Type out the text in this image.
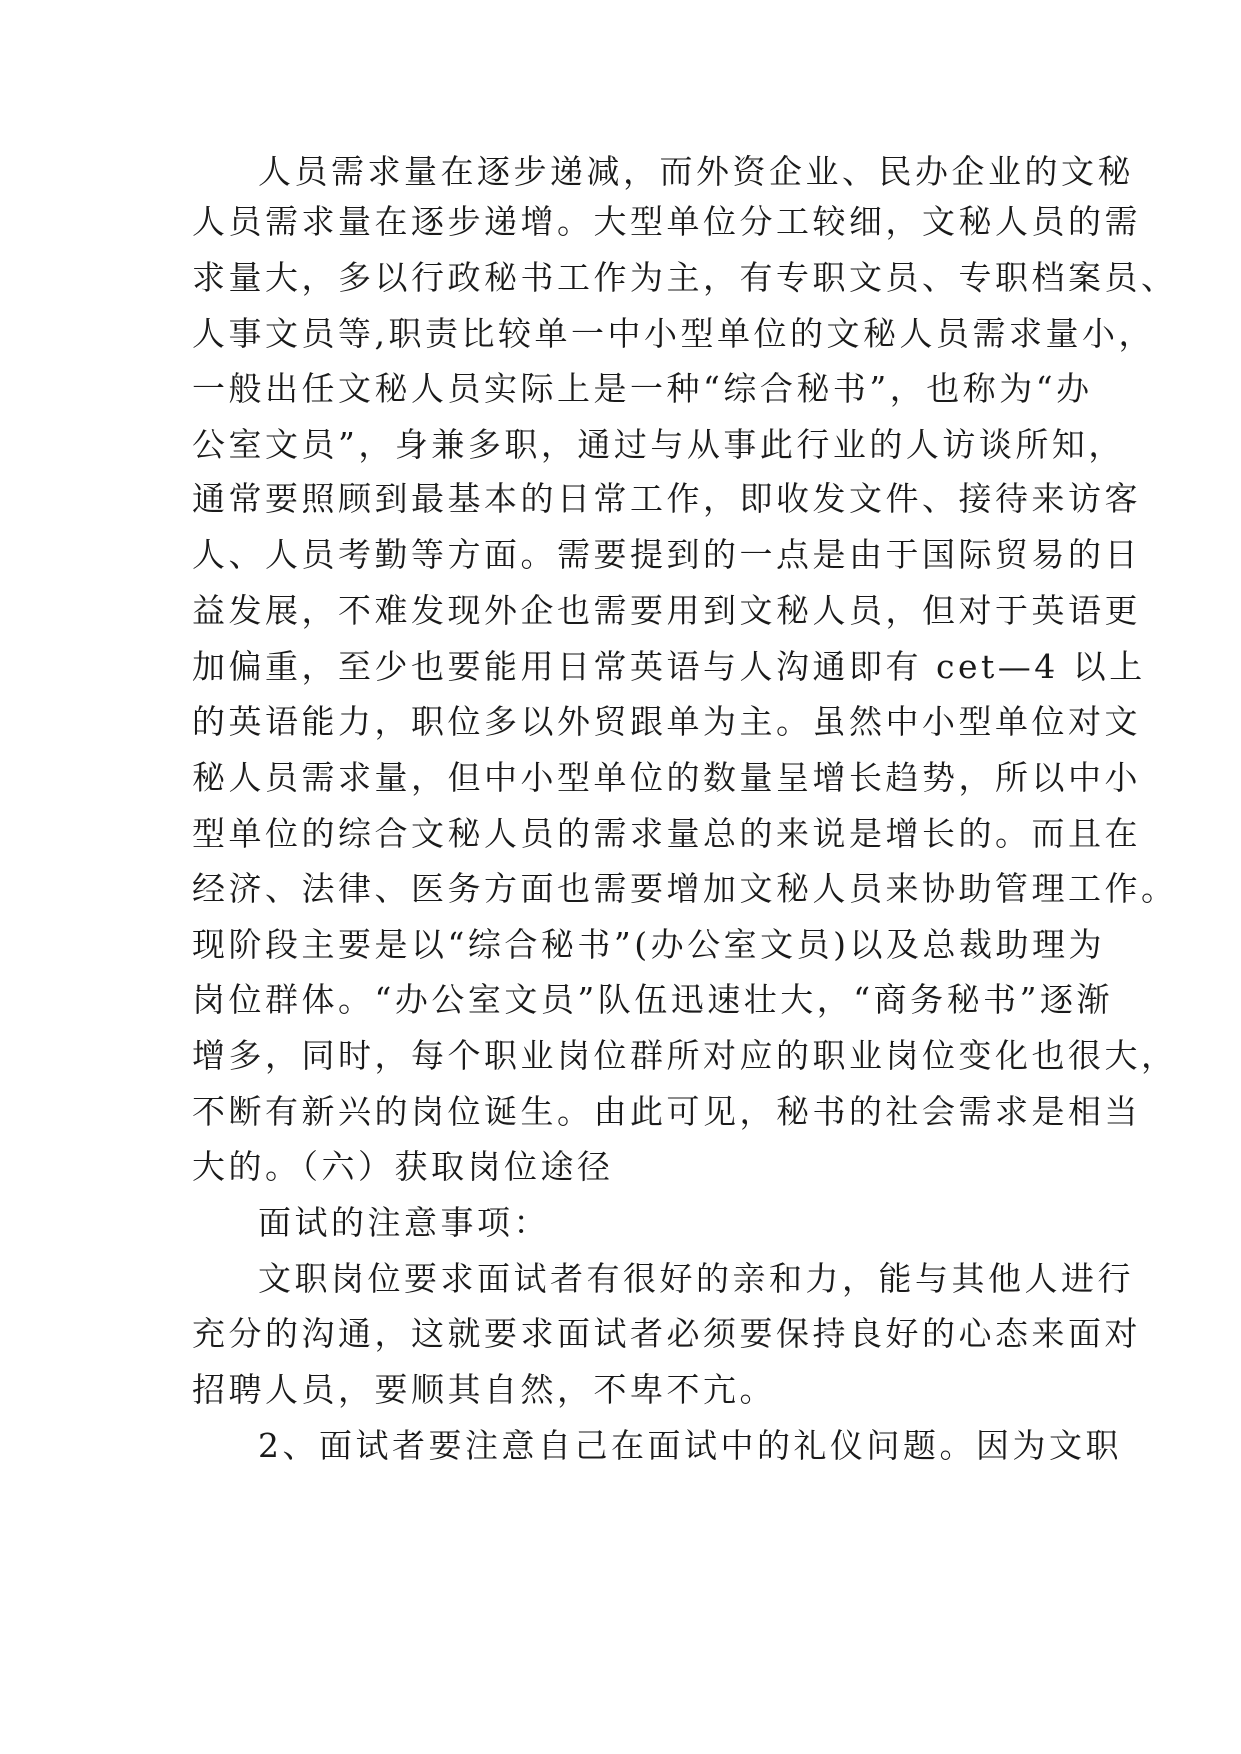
人员需求量在逐步递减，而外资企业、民办企业的文秘
人员需求量在逐步递增。大型单位分工较细，文秘人员的需
求量大，多以行政秘书工作为主，有专职文员、专职档案员、
人事文员等,职责比较单一中小型单位的文秘人员需求量小，
一般出任文秘人员实际上是一种“综合秘书”，也称为“办
公室文员”，身兼多职，通过与从事此行业的人访谈所知，
通常要照顾到最基本的日常工作，即收发文件、接待来访客
人、人员考勤等方面。需要提到的一点是由于国际贸易的日
益发展，不难发现外企也需要用到文秘人员，但对于英语更
加偏重，至少也要能用日常英语与人沟通即有 cet—4 以上
的英语能力，职位多以外贸跟单为主。虽然中小型单位对文
秘人员需求量，但中小型单位的数量呈增长趋势，所以中小
型单位的综合文秘人员的需求量总的来说是增长的。而且在
经济、法律、医务方面也需要增加文秘人员来协助管理工作。
现阶段主要是以“综合秘书”(办公室文员)以及总裁助理为
岗位群体。“办公室文员”队伍迅速壮大，“商务秘书”逐渐
增多，同时，每个职业岗位群所对应的职业岗位变化也很大，
不断有新兴的岗位诞生。由此可见，秘书的社会需求是相当
大的。（六）获取岗位途径
面试的注意事项：
文职岗位要求面试者有很好的亲和力，能与其他人进行
充分的沟通，这就要求面试者必须要保持良好的心态来面对
招聘人员，要顺其自然，不卑不亢。
2、面试者要注意自己在面试中的礼仪问题。因为文职
